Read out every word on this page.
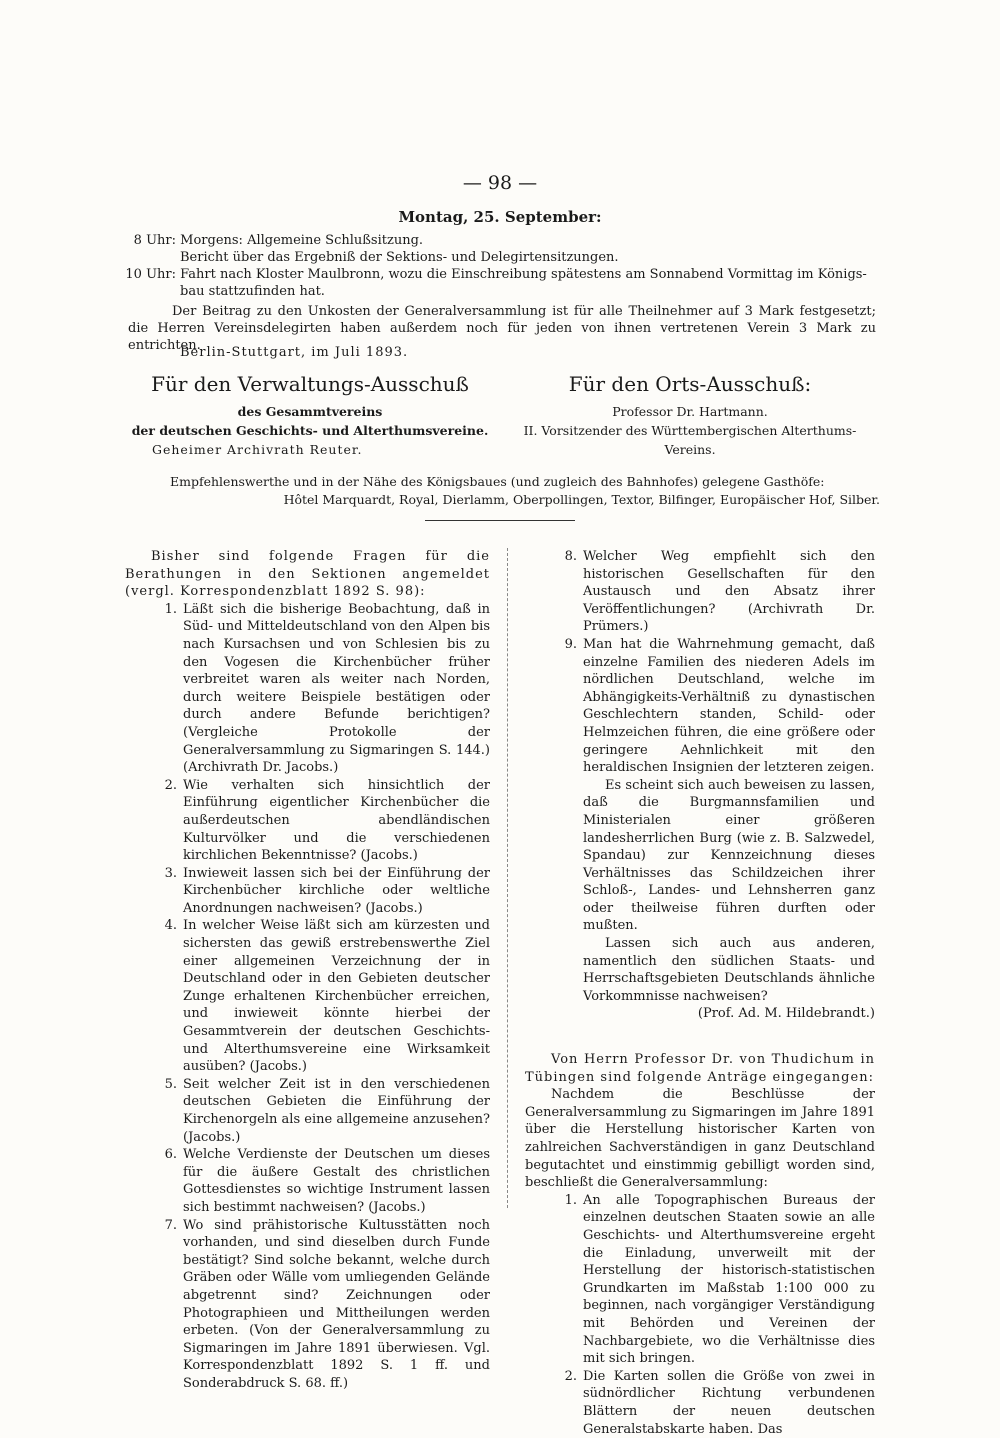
— 98 —
Montag, 25. September:
8 Uhr: Morgens: Allgemeine Schlußsitzung.
Bericht über das Ergebniß der Sektions- und Delegirtensitzungen.
10 Uhr: Fahrt nach Kloster Maulbronn, wozu die Einschreibung spätestens am Sonnabend Vormittag im Königs-
bau stattzufinden hat.
Der Beitrag zu den Unkosten der Generalversammlung ist für alle Theilnehmer auf 3 Mark festgesetzt; die Herren Vereinsdelegirten haben außerdem noch für jeden von ihnen vertretenen Verein 3 Mark zu entrichten.
Berlin-Stuttgart, im Juli 1893.
Für den Verwaltungs-Ausschuß
des Gesammtvereins
der deutschen Geschichts- und Alterthumsvereine.
Geheimer Archivrath Reuter.
Für den Orts-Ausschuß:
Professor Dr. Hartmann.
II. Vorsitzender des Württembergischen Alterthums-Vereins.
Empfehlenswerthe und in der Nähe des Königsbaues (und zugleich des Bahnhofes) gelegene Gasthöfe:
Hôtel Marquardt, Royal, Dierlamm, Oberpollingen, Textor, Bilfinger, Europäischer Hof, Silber.
Bisher sind folgende Fragen für die Berathungen in den Sektionen angemeldet (vergl. Korrespondenzblatt 1892 S. 98):
1. Läßt sich die bisherige Beobachtung, daß in Süd- und Mitteldeutschland von den Alpen bis nach Kursachsen und von Schlesien bis zu den Vogesen die Kirchenbücher früher verbreitet waren als weiter nach Norden, durch weitere Beispiele bestätigen oder durch andere Befunde berichtigen? (Vergleiche Protokolle der Generalversammlung zu Sigmaringen S. 144.) (Archivrath Dr. Jacobs.)
2. Wie verhalten sich hinsichtlich der Einführung eigentlicher Kirchenbücher die außerdeutschen abendländischen Kulturvölker und die verschiedenen kirchlichen Bekenntnisse? (Jacobs.)
3. Inwieweit lassen sich bei der Einführung der Kirchenbücher kirchliche oder weltliche Anordnungen nachweisen? (Jacobs.)
4. In welcher Weise läßt sich am kürzesten und sichersten das gewiß erstrebenswerthe Ziel einer allgemeinen Verzeichnung der in Deutschland oder in den Gebieten deutscher Zunge erhaltenen Kirchenbücher erreichen, und inwieweit könnte hierbei der Gesammtverein der deutschen Geschichts- und Alterthumsvereine eine Wirksamkeit ausüben? (Jacobs.)
5. Seit welcher Zeit ist in den verschiedenen deutschen Gebieten die Einführung der Kirchenorgeln als eine allgemeine anzusehen? (Jacobs.)
6. Welche Verdienste der Deutschen um dieses für die äußere Gestalt des christlichen Gottesdienstes so wichtige Instrument lassen sich bestimmt nachweisen? (Jacobs.)
7. Wo sind prähistorische Kultusstätten noch vorhanden, und sind dieselben durch Funde bestätigt? Sind solche bekannt, welche durch Gräben oder Wälle vom umliegenden Gelände abgetrennt sind? Zeichnungen oder Photographieen und Mittheilungen werden erbeten. (Von der Generalversammlung zu Sigmaringen im Jahre 1891 überwiesen. Vgl. Korrespondenzblatt 1892 S. 1 ff. und Sonderabdruck S. 68. ff.)
8. Welcher Weg empfiehlt sich den historischen Gesellschaften für den Austausch und den Absatz ihrer Veröffentlichungen? (Archivrath Dr. Prümers.)
9. Man hat die Wahrnehmung gemacht, daß einzelne Familien des niederen Adels im nördlichen Deutschland, welche im Abhängigkeits-Verhältniß zu dynastischen Geschlechtern standen, Schild- oder Helmzeichen führen, die eine größere oder geringere Aehnlichkeit mit den heraldischen Insignien der letzteren zeigen.
Es scheint sich auch beweisen zu lassen, daß die Burgmannsfamilien und Ministerialen einer größeren landesherrlichen Burg (wie z. B. Salzwedel, Spandau) zur Kennzeichnung dieses Verhältnisses das Schildzeichen ihrer Schloß-, Landes- und Lehnsherren ganz oder theilweise führen durften oder mußten.
Lassen sich auch aus anderen, namentlich den südlichen Staats- und Herrschaftsgebieten Deutschlands ähnliche Vorkommnisse nachweisen?
(Prof. Ad. M. Hildebrandt.)
Von Herrn Professor Dr. von Thudichum in Tübingen sind folgende Anträge eingegangen:
Nachdem die Beschlüsse der Generalversammlung zu Sigmaringen im Jahre 1891 über die Herstellung historischer Karten von zahlreichen Sachverständigen in ganz Deutschland begutachtet und einstimmig gebilligt worden sind, beschließt die Generalversammlung:
1. An alle Topographischen Bureaus der einzelnen deutschen Staaten sowie an alle Geschichts- und Alterthumsvereine ergeht die Einladung, unverweilt mit der Herstellung der historisch-statistischen Grundkarten im Maßstab 1:100 000 zu beginnen, nach vorgängiger Verständigung mit Behörden und Vereinen der Nachbargebiete, wo die Verhältnisse dies mit sich bringen.
2. Die Karten sollen die Größe von zwei in südnördlicher Richtung verbundenen Blättern der neuen deutschen Generalstabskarte haben. Das
